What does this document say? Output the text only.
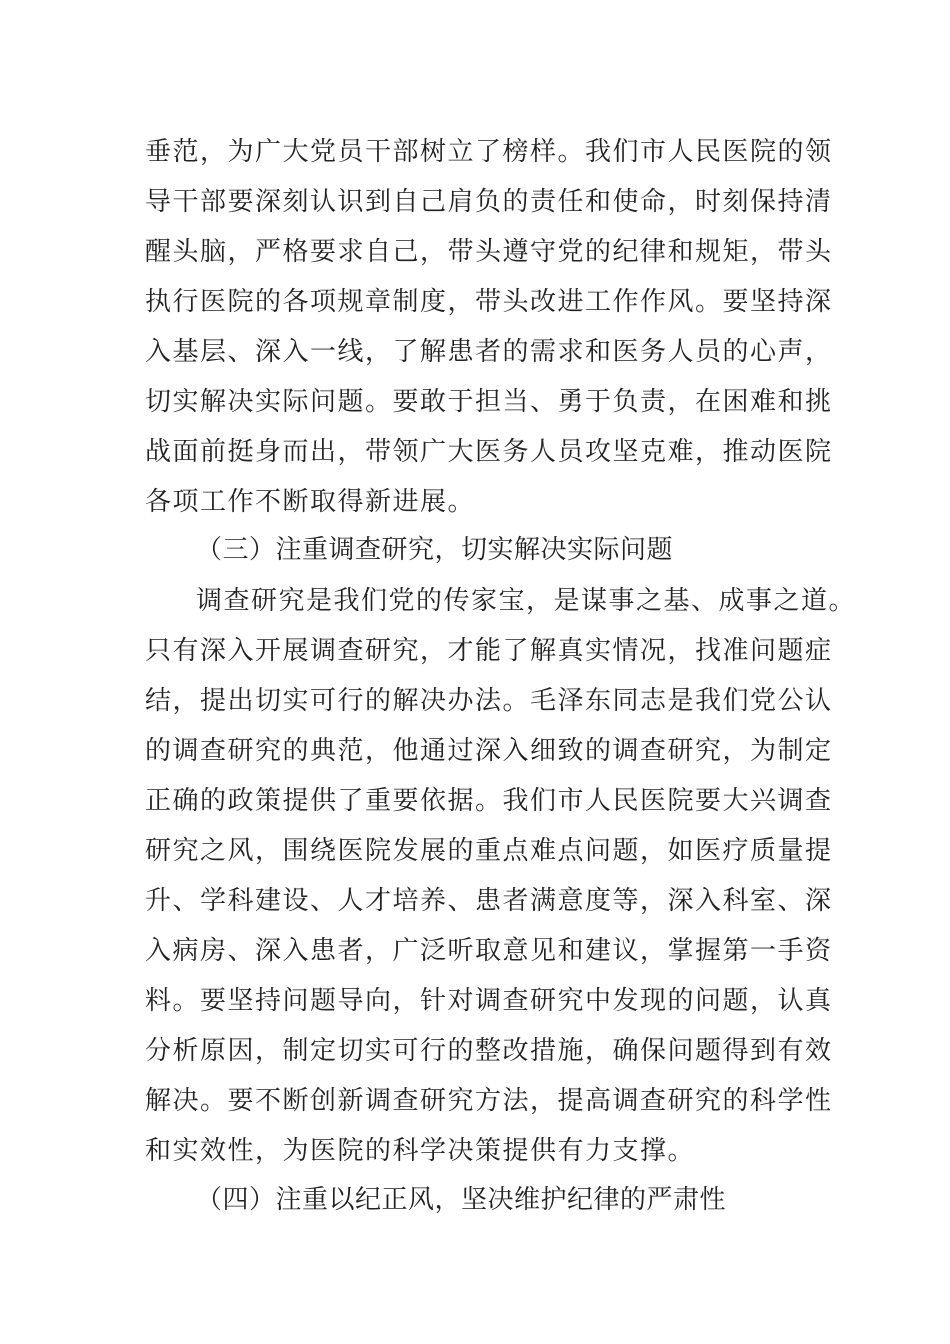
垂范，为广大党员干部树立了榜样。我们市人民医院的领
导干部要深刻认识到自己肩负的责任和使命，时刻保持清
醒头脑，严格要求自己，带头遵守党的纪律和规矩，带头
执行医院的各项规章制度，带头改进工作作风。要坚持深
入基层、深入一线，了解患者的需求和医务人员的心声，
切实解决实际问题。要敢于担当、勇于负责，在困难和挑
战面前挺身而出，带领广大医务人员攻坚克难，推动医院
各项工作不断取得新进展。
（三）注重调查研究，切实解决实际问题
调查研究是我们党的传家宝，是谋事之基、成事之道。
只有深入开展调查研究，才能了解真实情况，找准问题症
结，提出切实可行的解决办法。毛泽东同志是我们党公认
的调查研究的典范，他通过深入细致的调查研究，为制定
正确的政策提供了重要依据。我们市人民医院要大兴调查
研究之风，围绕医院发展的重点难点问题，如医疗质量提
升、学科建设、人才培养、患者满意度等，深入科室、深
入病房、深入患者，广泛听取意见和建议，掌握第一手资
料。要坚持问题导向，针对调查研究中发现的问题，认真
分析原因，制定切实可行的整改措施，确保问题得到有效
解决。要不断创新调查研究方法，提高调查研究的科学性
和实效性，为医院的科学决策提供有力支撑。
（四）注重以纪正风，坚决维护纪律的严肃性
